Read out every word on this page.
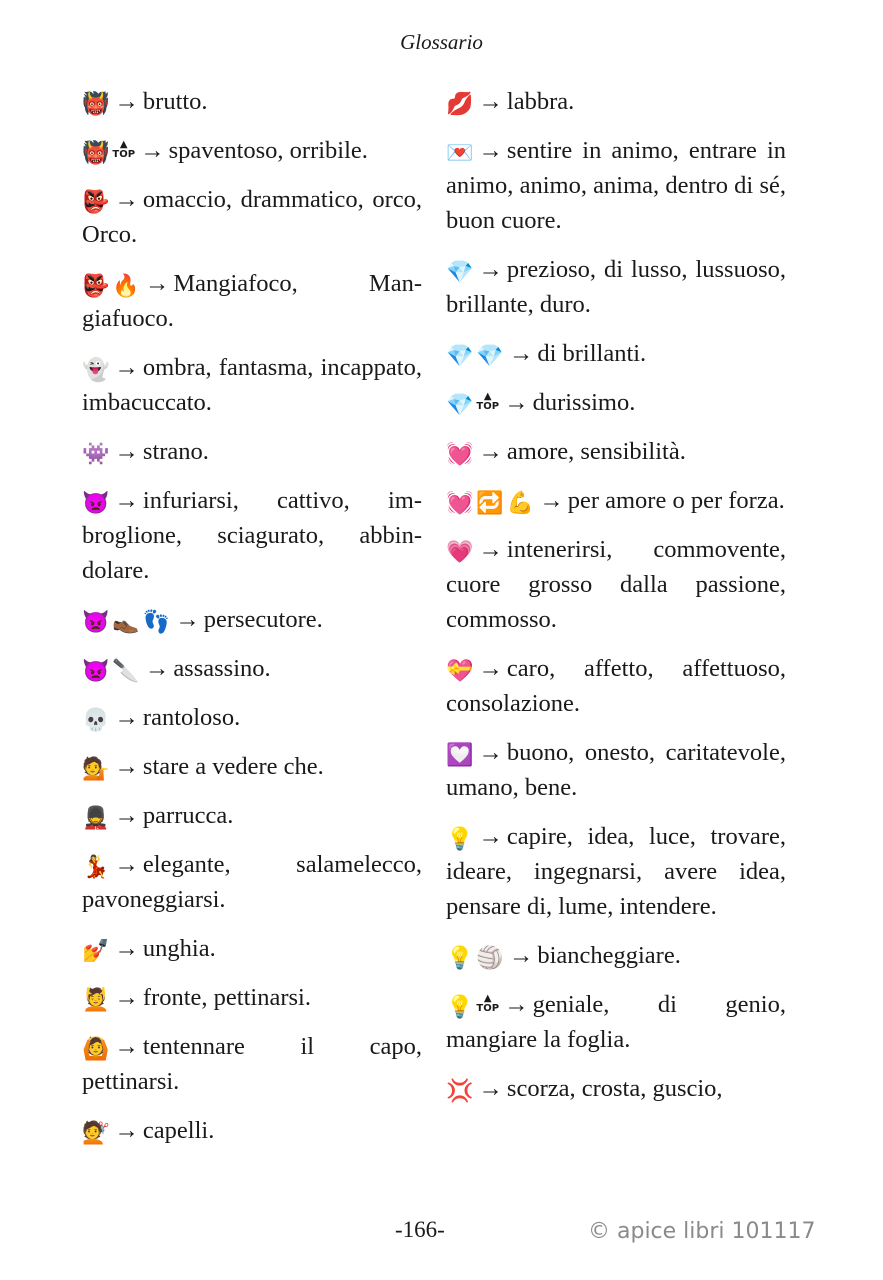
Glossario
👹 → brutto.
👹 ▲ TOP → spaventoso, orribile.
👺 → omaccio, drammatico, orco, Orco.
👺 🔥 → Mangiafoco, Mangiafuoco.
👻 → ombra, fantasma, incappato, imbacuccato.
👾 → strano.
👿 → infuriarsi, cattivo, imbroglione, sciagurato, abbindolare.
👿 👞 👣 → persecutore.
👿 🔪 → assassino.
💀 → rantoloso.
💁 → stare a vedere che.
💂 → parrucca.
💃 → elegante, salamelecco, pavoneggiarsi.
💅 → unghia.
💆 → fronte, pettinarsi.
🙆 → tentennare il capo, pettinarsi.
💇 → capelli.
💋 → labbra.
💌 → sentire in animo, entrare in animo, animo, anima, dentro di sé, buon cuore.
💎 → prezioso, di lusso, lussuoso, brillante, duro.
💎 💎 → di brillanti.
💎 ▲ TOP → durissimo.
💓 → amore, sensibilità.
💓 🔁 💪 → per amore o per forza.
💗 → intenerirsi, commovente, cuore grosso dalla passione, commosso.
💝 → caro, affetto, affettuoso, consolazione.
💟 → buono, onesto, caritatevole, umano, bene.
💡 → capire, idea, luce, trovare, ideare, ingegnarsi, avere idea, pensare di, lume, intendere.
💡 🏐 → biancheggiare.
💡 ▲ TOP → geniale, di genio, mangiare la foglia.
💢 → scorza, crosta, guscio,
-166-	© apice libri 101117
